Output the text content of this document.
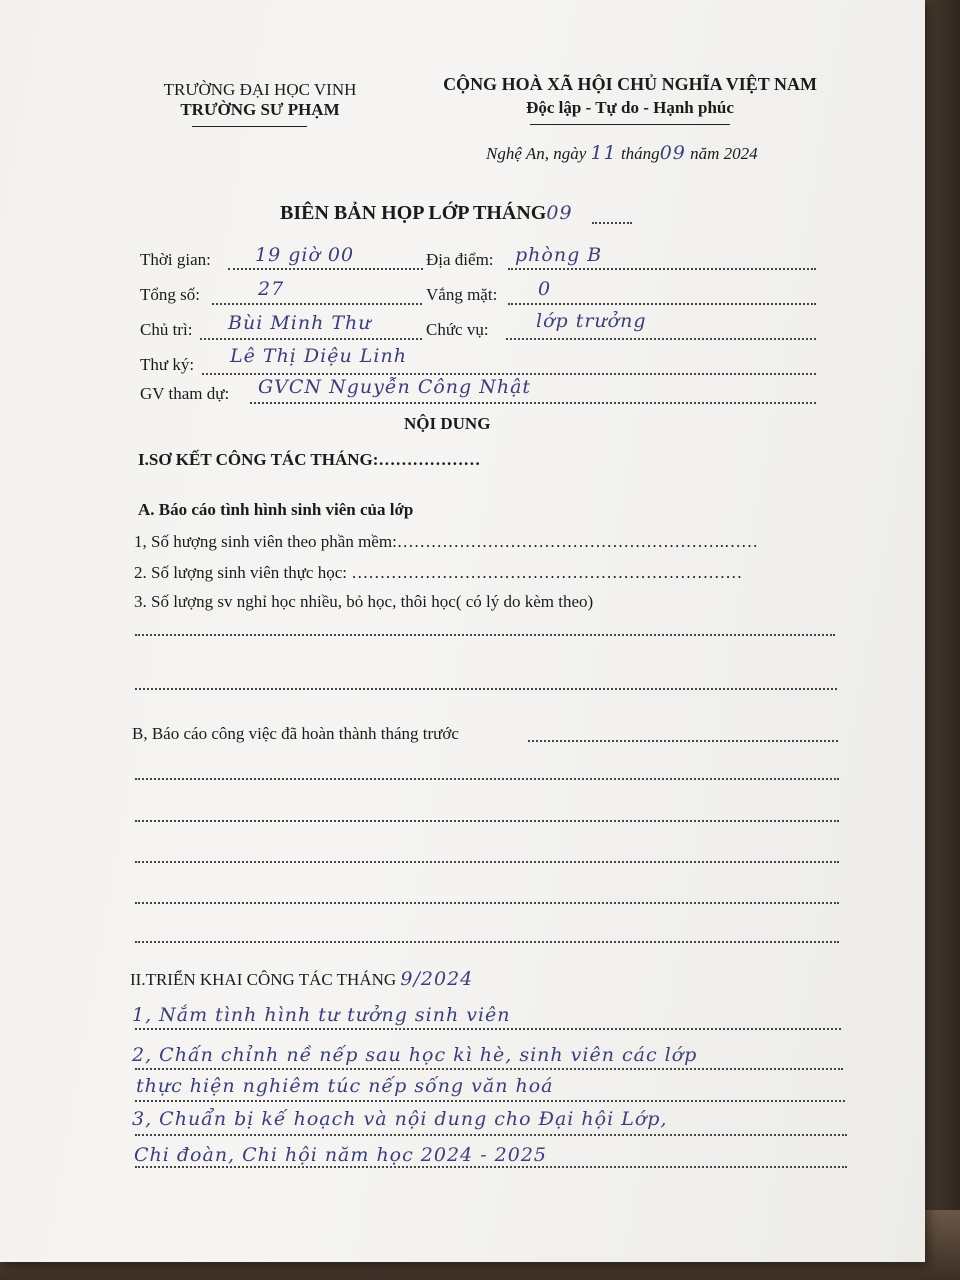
TRƯỜNG ĐẠI HỌC VINH
TRƯỜNG SƯ PHẠM
CỘNG HOÀ XÃ HỘI CHỦ NGHĨA VIỆT NAM
Độc lập - Tự do - Hạnh phúc
Nghệ An, ngày 11 tháng09 năm 2024
BIÊN BẢN HỌP LỚP THÁNG09
Thời gian: 19 giờ 00	Địa điểm: phòng B
Tổng số:	27	Vắng mặt: 0
Chủ trì: Bùi Minh Thư	Chức vụ: lớp trưởng
Thư ký: Lê Thị Diệu Linh
GV tham dự: GVCN Nguyễn Công Nhật
NỘI DUNG
I.SƠ KẾT CÔNG TÁC THÁNG:………………
A. Báo cáo tình hình sinh viên của lớp
1, Số hượng sinh viên theo phần mềm:………………………………………………….……
2. Số lượng sinh viên thực học: ……………………………………………………………
3. Số lượng sv nghỉ học nhiều, bỏ học, thôi học( có lý do kèm theo)
B, Báo cáo công việc đã hoàn thành tháng trước
II.TRIỂN KHAI CÔNG TÁC THÁNG 9/2024
1, Nắm tình hình tư tưởng sinh viên
2, Chấn chỉnh nề nếp sau học kì hè, sinh viên các lớp
thực hiện nghiêm túc nếp sống văn hoá
3, Chuẩn bị kế hoạch và nội dung cho Đại hội Lớp,
Chi đoàn, Chi hội năm học 2024 - 2025
